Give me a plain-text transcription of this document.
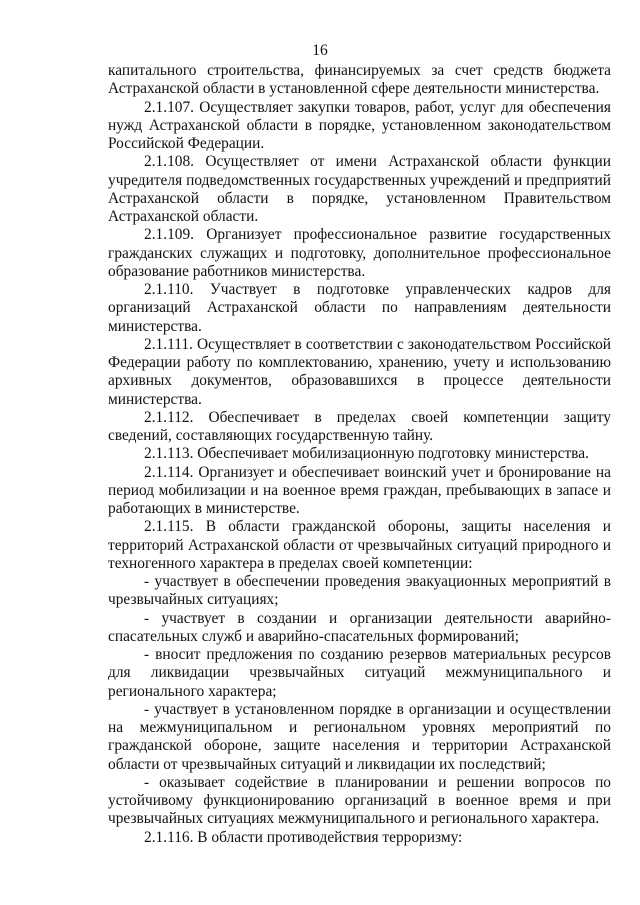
16

капитального строительства, финансируемых за счет средств бюджета Астраханской области в установленной сфере деятельности министерства.

2.1.107. Осуществляет закупки товаров, работ, услуг для обеспечения нужд Астраханской области в порядке, установленном законодательством Российской Федерации.

2.1.108. Осуществляет от имени Астраханской области функции учредителя подведомственных государственных учреждений и предприятий Астраханской области в порядке, установленном Правительством Астраханской области.

2.1.109. Организует профессиональное развитие государственных гражданских служащих и подготовку, дополнительное профессиональное образование работников министерства.

2.1.110. Участвует в подготовке управленческих кадров для организаций Астраханской области по направлениям деятельности министерства.

2.1.111. Осуществляет в соответствии с законодательством Российской Федерации работу по комплектованию, хранению, учету и использованию архивных документов, образовавшихся в процессе деятельности министерства.

2.1.112. Обеспечивает в пределах своей компетенции защиту сведений, составляющих государственную тайну.

2.1.113. Обеспечивает мобилизационную подготовку министерства.

2.1.114. Организует и обеспечивает воинский учет и бронирование на период мобилизации и на военное время граждан, пребывающих в запасе и работающих в министерстве.

2.1.115. В области гражданской обороны, защиты населения и территорий Астраханской области от чрезвычайных ситуаций природного и техногенного характера в пределах своей компетенции:

- участвует в обеспечении проведения эвакуационных мероприятий в чрезвычайных ситуациях;

- участвует в создании и организации деятельности аварийно-спасательных служб и аварийно-спасательных формирований;

- вносит предложения по созданию резервов материальных ресурсов для ликвидации чрезвычайных ситуаций межмуниципального и регионального характера;

- участвует в установленном порядке в организации и осуществлении на межмуниципальном и региональном уровнях мероприятий по гражданской обороне, защите населения и территории Астраханской области от чрезвычайных ситуаций и ликвидации их последствий;

- оказывает содействие в планировании и решении вопросов по устойчивому функционированию организаций в военное время и при чрезвычайных ситуациях межмуниципального и регионального характера.

2.1.116. В области противодействия терроризму:
